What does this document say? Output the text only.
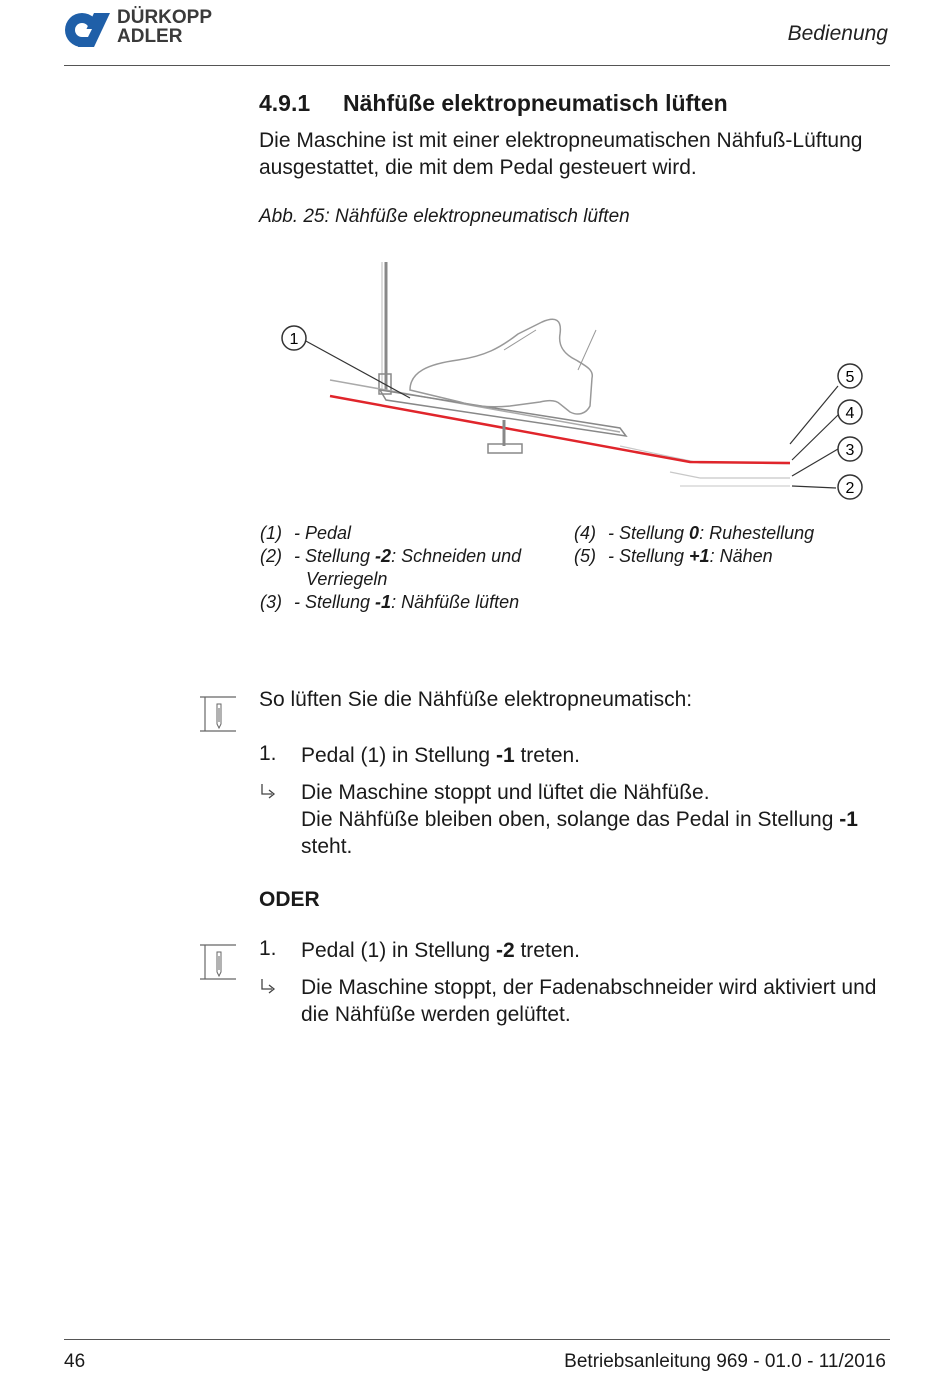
DÜRKOPP
ADLER	Bedienung
4.9.1 Nähfüße elektropneumatisch lüften
Die Maschine ist mit einer elektropneumatischen Nähfuß-Lüftung ausgestattet, die mit dem Pedal gesteuert wird.
Abb. 25: Nähfüße elektropneumatisch lüften
1
5
4
3
2
(1) - Pedal
(2) - Stellung -2: Schneiden und
Verriegeln
(3) - Stellung -1: Nähfüße lüften
(4) - Stellung 0: Ruhestellung
(5) - Stellung +1: Nähen
So lüften Sie die Nähfüße elektropneumatisch:
1. Pedal (1) in Stellung -1 treten.
Die Maschine stoppt und lüftet die Nähfüße.
Die Nähfüße bleiben oben, solange das Pedal in Stellung -1
steht.
ODER
1. Pedal (1) in Stellung -2 treten.
Die Maschine stoppt, der Fadenabschneider wird aktiviert und die Nähfüße werden gelüftet.
46	Betriebsanleitung 969 - 01.0 - 11/2016
